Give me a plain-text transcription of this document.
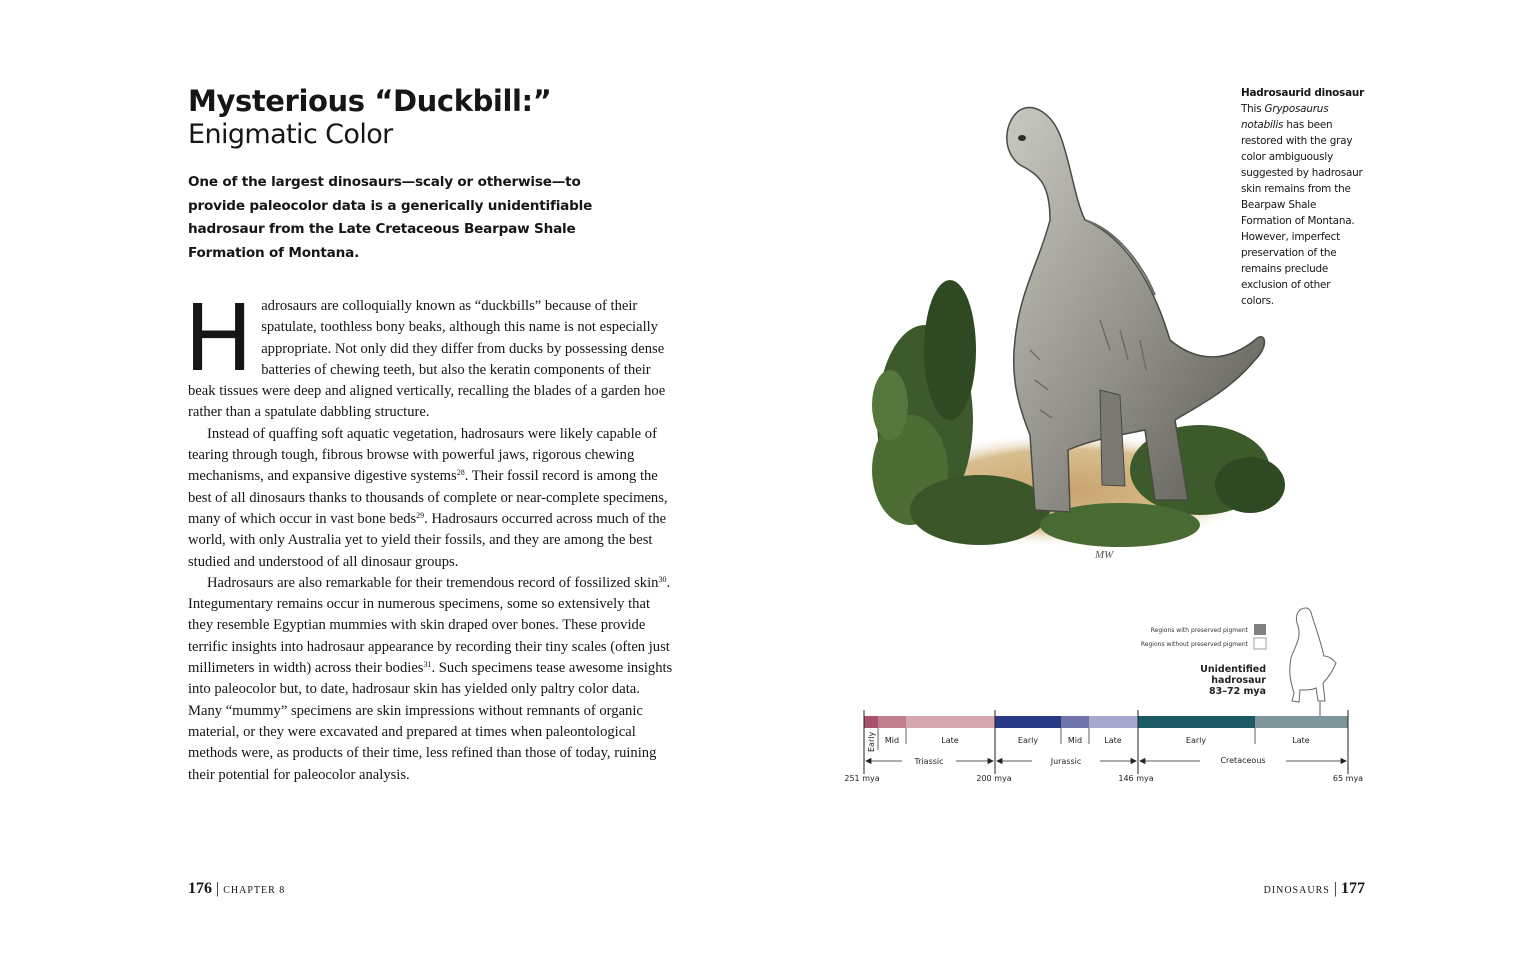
Mysterious “Duckbill:”
Enigmatic Color

One of the largest dinosaurs—scaly or otherwise—to provide paleocolor data is a generically unidentifiable hadrosaur from the Late Cretaceous Bearpaw Shale Formation of Montana.

Hadrosaurs are colloquially known as “duckbills” because of their spatulate, toothless bony beaks, although this name is not especially appropriate. Not only did they differ from ducks by possessing dense batteries of chewing teeth, but also the keratin components of their beak tissues were deep and aligned vertically, recalling the blades of a garden hoe rather than a spatulate dabbling structure.

Instead of quaffing soft aquatic vegetation, hadrosaurs were likely capable of tearing through tough, fibrous browse with powerful jaws, rigorous chewing mechanisms, and expansive digestive systems$^{28}$. Their fossil record is among the best of all dinosaurs thanks to thousands of complete or near-complete specimens, many of which occur in vast bone beds$^{29}$. Hadrosaurs occurred across much of the world, with only Australia yet to yield their fossils, and they are among the best studied and understood of all dinosaur groups.

Hadrosaurs are also remarkable for their tremendous record of fossilized skin$^{30}$. Integumentary remains occur in numerous specimens, some so extensively that they resemble Egyptian mummies with skin draped over bones. These provide terrific insights into hadrosaur appearance by recording their tiny scales (often just millimeters in width) across their bodies$^{31}$. Such specimens tease awesome insights into paleocolor but, to date, hadrosaur skin has yielded only paltry color data. Many “mummy” specimens are skin impressions without remnants of organic material, or they were excavated and prepared at times when paleontological methods were, as products of their time, less refined than those of today, ruining their potential for paleocolor analysis.

176 | CHAPTER 8	DINOSAURS | 177
Hadrosaurid dinosaur
This Gryposaurus notabilis has been restored with the gray color ambiguously suggested by hadrosaur skin remains from the Bearpaw Shale Formation of Montana. However, imperfect preservation of the remains preclude exclusion of other colors.
MW
Regions with preserved pigment
Regions without preserved pigment
Unidentified
hadrosaur
83–72 mya
Early Mid	Late	Early	Mid	Late	Early	Late
Triassic	Jurassic	Cretaceous
251 mya	200 mya	146 mya	65 mya
